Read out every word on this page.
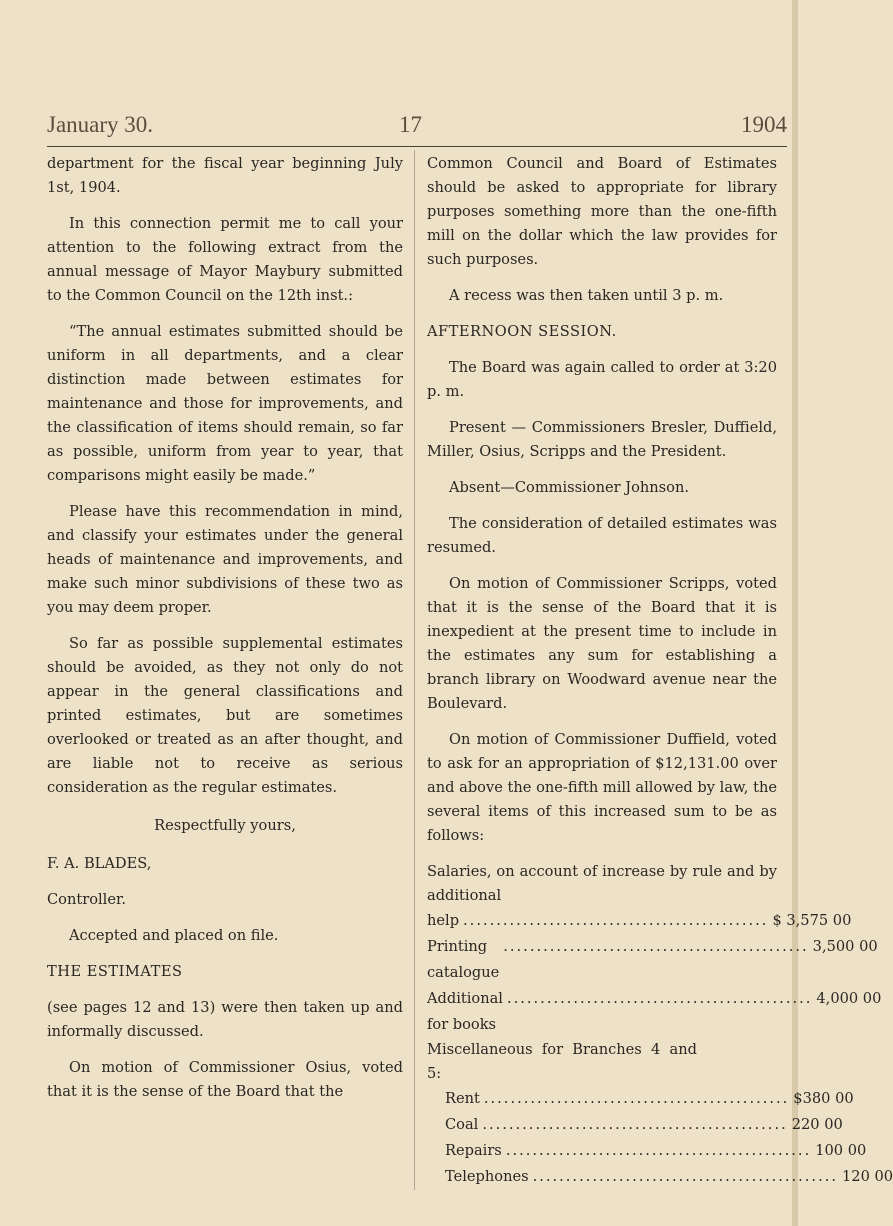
January 30.	17	1904

department for the fiscal year beginning July 1st, 1904.

In this connection permit me to call your attention to the following extract from the annual message of Mayor Maybury submitted to the Common Council on the 12th inst.:

“The annual estimates submitted should be uniform in all departments, and a clear distinction made between estimates for maintenance and those for improvements, and the classification of items should remain, so far as possible, uniform from year to year, that comparisons might easily be made.”

Please have this recommendation in mind, and classify your estimates under the general heads of maintenance and improvements, and make such minor subdivisions of these two as you may deem proper.

So far as possible supplemental estimates should be avoided, as they not only do not appear in the general classifications and printed estimates, but are sometimes overlooked or treated as an after thought, and are liable not to receive as serious consideration as the regular estimates.

Respectfully yours,

F. A. BLADES,

Controller.

Accepted and placed on file.

THE ESTIMATES

(see pages 12 and 13) were then taken up and informally discussed.

On motion of Commissioner Osius, voted that it is the sense of the Board that the

Common Council and Board of Estimates should be asked to appropriate for library purposes something more than the one-fifth mill on the dollar which the law provides for such purposes.

A recess was then taken until 3 p. m.

AFTERNOON SESSION.

The Board was again called to order at 3:20 p. m.

Present — Commissioners Bresler, Duffield, Miller, Osius, Scripps and the President.

Absent—Commissioner Johnson.

The consideration of detailed estimates was resumed.

On motion of Commissioner Scripps, voted that it is the sense of the Board that it is inexpedient at the present time to include in the estimates any sum for establishing a branch library on Woodward avenue near the Boulevard.

On motion of Commissioner Duffield, voted to ask for an appropriation of $12,131.00 over and above the one-fifth mill allowed by law, the several items of this increased sum to be as follows:

Salaries, on account of increase by rule and by additional

help .............................................. $ 3,575 00
Printing catalogue
.............................................. 3,500 00
Additional for books
.............................................. 4,000 00

Miscellaneous for Branches 4 and 5:

Rent .............................................. $380 00
Coal .............................................. 220 00
Repairs .............................................. 100 00
Telephones .............................................. 120 00
